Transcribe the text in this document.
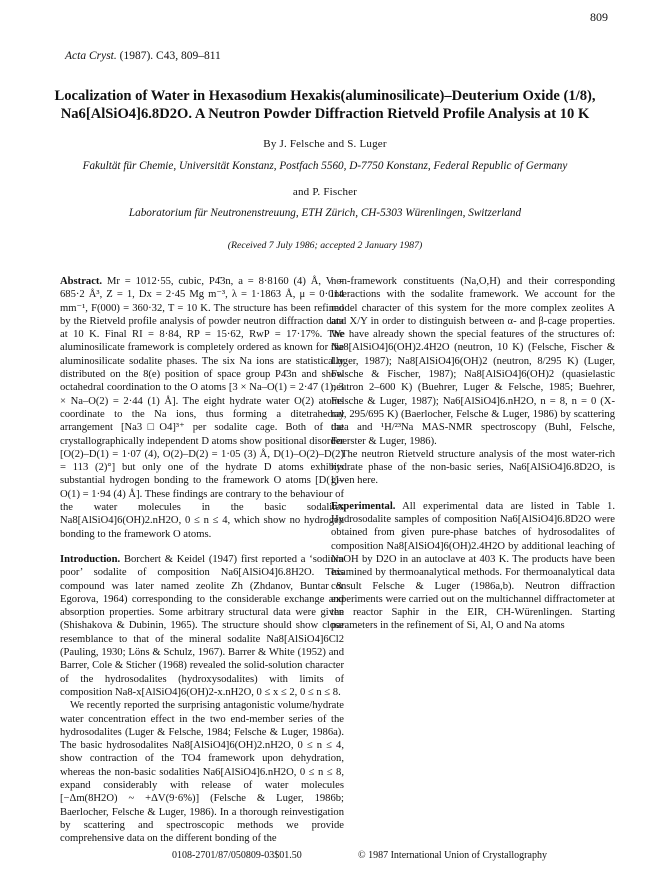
809
Acta Cryst. (1987). C43, 809–811
Localization of Water in Hexasodium Hexakis(aluminosilicate)–Deuterium Oxide (1/8),
Na6[AlSiO4]6.8D2O. A Neutron Powder Diffraction Rietveld Profile Analysis at 10 K
By J. Felsche and S. Luger
Fakultät für Chemie, Universität Konstanz, Postfach 5560, D-7750 Konstanz, Federal Republic of Germany
and P. Fischer
Laboratorium für Neutronenstreuung, ETH Zürich, CH-5303 Würenlingen, Switzerland
(Received 7 July 1986; accepted 2 January 1987)

Abstract. Mr = 1012·55, cubic, P4̄3n, a = 8·8160 (4) Å, V = 685·2 Å³, Z = 1, Dx = 2·45 Mg m⁻³, λ = 1·1863 Å, μ = 0·014 mm⁻¹, F(000) = 360·32, T = 10 K. The structure has been refined by the Rietveld profile analysis of powder neutron diffraction data at 10 K. Final RI = 8·84, RP = 15·62, RwP = 17·17%. The aluminosilicate framework is completely ordered as known for the aluminosilicate sodalite phases. The six Na ions are statistically distributed on the 8(e) position of space group P4̄3n and show octahedral coordination to the O atoms [3 × Na–O(1) = 2·47 (1), 3 × Na–O(2) = 2·44 (1) Å]. The eight hydrate water O(2) atoms coordinate to the Na ions, thus forming a ditetrahedral arrangement [Na3□O4]³⁺ per sodalite cage. Both of the crystallographically independent D atoms show positional disorder [O(2)–D(1) = 1·07 (4), O(2)–D(2) = 1·05 (3) Å, D(1)–O(2)–D(2) = 113 (2)°] but only one of the hydrate D atoms exhibits substantial hydrogen bonding to the framework O atoms [D(1)–O(1) = 1·94 (4) Å]. These findings are contrary to the behaviour of the water molecules in the basic sodalites Na8[AlSiO4]6(OH)2.nH2O, 0 ≤ n ≤ 4, which show no hydrogen bonding to the framework O atoms.

Introduction. Borchert & Keidel (1947) first reported a ‘sodium poor’ sodalite of composition Na6[AlSiO4]6.8H2O. This compound was later named zeolite Zh (Zhdanov, Buntar & Egorova, 1964) corresponding to the considerable exchange and absorption properties. Some arbitrary structural data were given (Shishakova & Dubinin, 1965). The structure should show close resemblance to that of the mineral sodalite Na8[AlSiO4]6Cl2 (Pauling, 1930; Löns & Schulz, 1967). Barrer & White (1952) and Barrer, Cole & Sticher (1968) revealed the solid-solution character of the hydrosodalites (hydroxysodalites) with limits of composition Na8-x[AlSiO4]6(OH)2-x.nH2O, 0 ≤ x ≤ 2, 0 ≤ n ≤ 8.

We recently reported the surprising antagonistic volume/hydrate water concentration effect in the two end-member series of the hydrosodalites (Luger & Felsche, 1984; Felsche & Luger, 1986a). The basic hydrosodalites Na8[AlSiO4]6(OH)2.nH2O, 0 ≤ n ≤ 4, show contraction of the TO4 framework upon dehydration, whereas the non-basic sodalities Na6[AlSiO4]6.nH2O, 0 ≤ n ≤ 8, expand considerably with release of water molecules [−Δm(8H2O) ~ +ΔV(9·6%)] (Felsche & Luger, 1986b; Baerlocher, Felsche & Luger, 1986). In a thorough reinvestigation by scattering and spectroscopic methods we provide comprehensive data on the different bonding of the

non-framework constituents (Na,O,H) and their corresponding interactions with the sodalite framework. We account for the model character of this system for the more complex zeolites A and X/Y in order to distinguish between α- and β-cage properties. We have already shown the special features of the structures of: Na8[AlSiO4]6(OH)2.4H2O (neutron, 10 K) (Felsche, Fischer & Luger, 1987); Na8[AlSiO4]6(OH)2 (neutron, 8/295 K) (Luger, Felsche & Fischer, 1987); Na8[AlSiO4]6(OH)2 (quasielastic neutron 2–600 K) (Buehrer, Luger & Felsche, 1985; Buehrer, Felsche & Luger, 1987); Na6[AlSiO4]6.nH2O, n = 8, n = 0 (X-ray, 295/695 K) (Baerlocher, Felsche & Luger, 1986) by scattering data and ¹H/²³Na MAS-NMR spectroscopy (Buhl, Felsche, Foerster & Luger, 1986).

The neutron Rietveld structure analysis of the most water-rich hydrate phase of the non-basic series, Na6[AlSiO4]6.8D2O, is given here.

Experimental. All experimental data are listed in Table 1. Hydrosodalite samples of composition Na6[AlSiO4]6.8D2O were obtained from given pure-phase batches of hydrosodalites of composition Na8[AlSiO4]6(OH)2.4H2O by additional leaching of NaOH by D2O in an autoclave at 403 K. The products have been examined by thermoanalytical methods. For thermoanalytical data consult Felsche & Luger (1986a,b). Neutron diffraction experiments were carried out on the multichannel diffractometer at the reactor Saphir in the EIR, CH-Würenlingen. Starting parameters in the refinement of Si, Al, O and Na atoms

0108-2701/87/050809-03$01.50	© 1987 International Union of Crystallography
